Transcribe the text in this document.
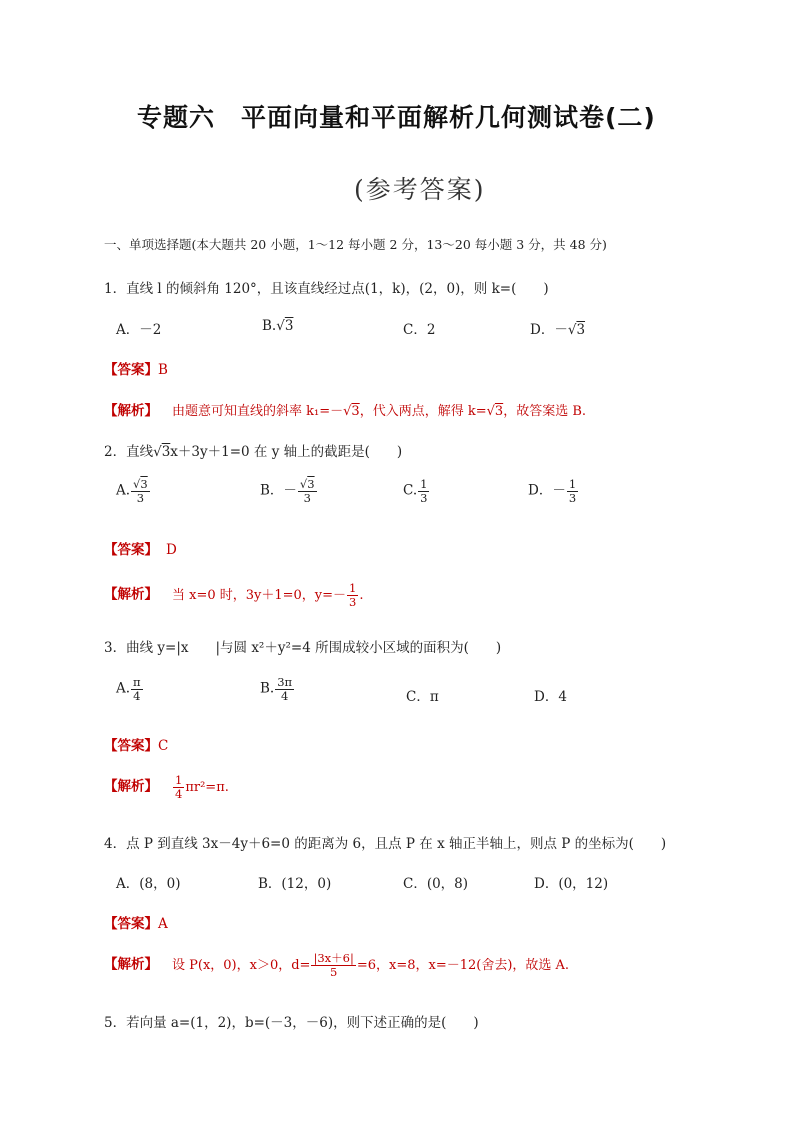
专题六　平面向量和平面解析几何测试卷(二)
(参考答案)
一、单项选择题(本大题共 20 小题，1～12 每小题 2 分，13～20 每小题 3 分，共 48 分)
1．直线 l 的倾斜角 120°，且该直线经过点(1，k)，(2，0)，则 k=(　　)
A．－2	B.√3	C．2	D．－√3
【答案】B
【解析】 由题意可知直线的斜率 k₁=－√3，代入两点，解得 k=√3，故答案选 B.
2．直线√3x＋3y＋1=0 在 y 轴上的截距是(　　)
A. $\frac{√3}{3}$	B．－ $\frac{√3}{3}$	C. $\frac{1}{3}$	D．－ $\frac{1}{3}$
【答案】 D
【解析】 当 x=0 时，3y＋1=0，$y=- \frac{1}{3}$ .
3．曲线 y=|x　　|与圆 x²＋y²=4 所围成较小区域的面积为(　　)
A. $\frac{\pi}{4}$	B. $\frac{3\pi}{4}$	C．π	D．4
【答案】C
【解析】 $\frac{1}{4} \pi r^2=\pi$.
4．点 P 到直线 3x－4y＋6=0 的距离为 6，且点 P 在 x 轴正半轴上，则点 P 的坐标为(　　)
A．(8，0)	B．(12，0)	C．(0，8)	D．(0，12)
【答案】A
【解析】 设 P(x，0)，x＞0，$d= \frac{|3x+6|}{5} =6$，x=8，x=－12(舍去)，故选 A.
5．若向量 a=(1，2)，b=(－3，－6)，则下述正确的是(　　)
